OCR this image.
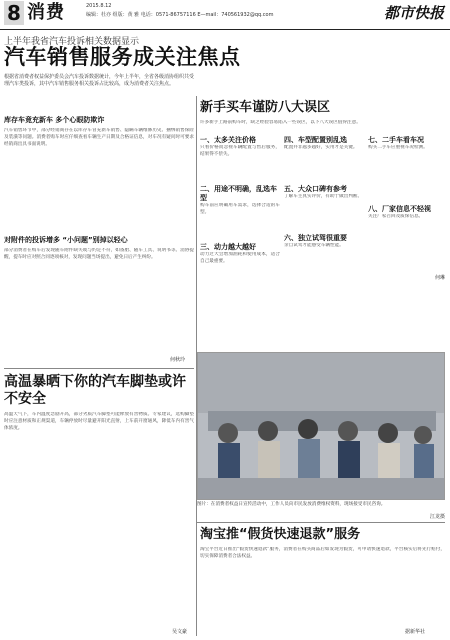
8 消费	2015.8.12
编辑：杜亦 组版：黄 雅 电话：0571-86757116 E—mail：740561932@qq.com	都市快报
上半年我省汽车投诉相关数据显示
汽车销售服务成关注焦点
根据省消费者权益保护委员会汽车投诉数据统计，今年上半年，全省各级消协组织共受理汽车类投诉，其中汽车销售服务相关投诉占比较高，成为消费者关注焦点。
库存车竟充新车 多个心眼防欺诈
汽车销售环节中，部分经销商存在以库存车冒充新车销售、隐瞒车辆维修历史、捆绑销售保险及装潢等问题。消费者购车时应仔细查看车辆生产日期及合格证信息，对车况有疑问时可要求经销商出具书面说明。
对附件的投诉增多 “小问题”别掉以轻心
部分消费者在购车后发现随车附件缺失或与约定不符，如备胎、随车工具、说明书等。消协提醒，提车时应对照合同逐项核对，发现问题当场提出，避免日后产生纠纷。
何秋玲
高温暴晒下你的汽车脚垫或许不安全
高温天气下，车内温度急剧升高，部分劣质汽车脚垫可能释放有害物质。专家建议，选购脚垫时应注意材质和正规渠道，车辆停放时尽量避开阳光直射，上车前开窗通风，降低车内有害气体浓度。
吴文豪
新手买车谨防八大误区
许多新手上路前购车时，缺乏经验容易陷入一些误区，以下八大误区值得注意。
一、太多关注价格
只看价格而忽视车辆配置与售后服务，结果得不偿失。
二、用途不明确，乱选车型
购车前应明确用车需求，选择合适的车型。
三、动力越大越好
动力过大会增加油耗和使用成本，适合自己最重要。
四、车型配置别乱选
配置并非越多越好，实用才是关键。
五、大众口碑有参考
了解车主真实评价，有助于做出判断。
六、独立试驾很重要
亲自试驾才能感受车辆性能。
七、二手车看车况
购买二手车应重视车况检测。
八、厂家信息不轻视
关注厂家召回及质保信息。
何琳
图片：在消费者权益日宣传活动中，工作人员向市民发放消费维权资料，现场接受市民咨询。
江龙摄
淘宝推“假货快速退款”服务
淘宝平台近日推出“假货快速退款”服务，消费者在购买商品后如发现为假货，可申请快速退款，平台核实后将先行赔付，切实保障消费者合法权益。
据新华社
